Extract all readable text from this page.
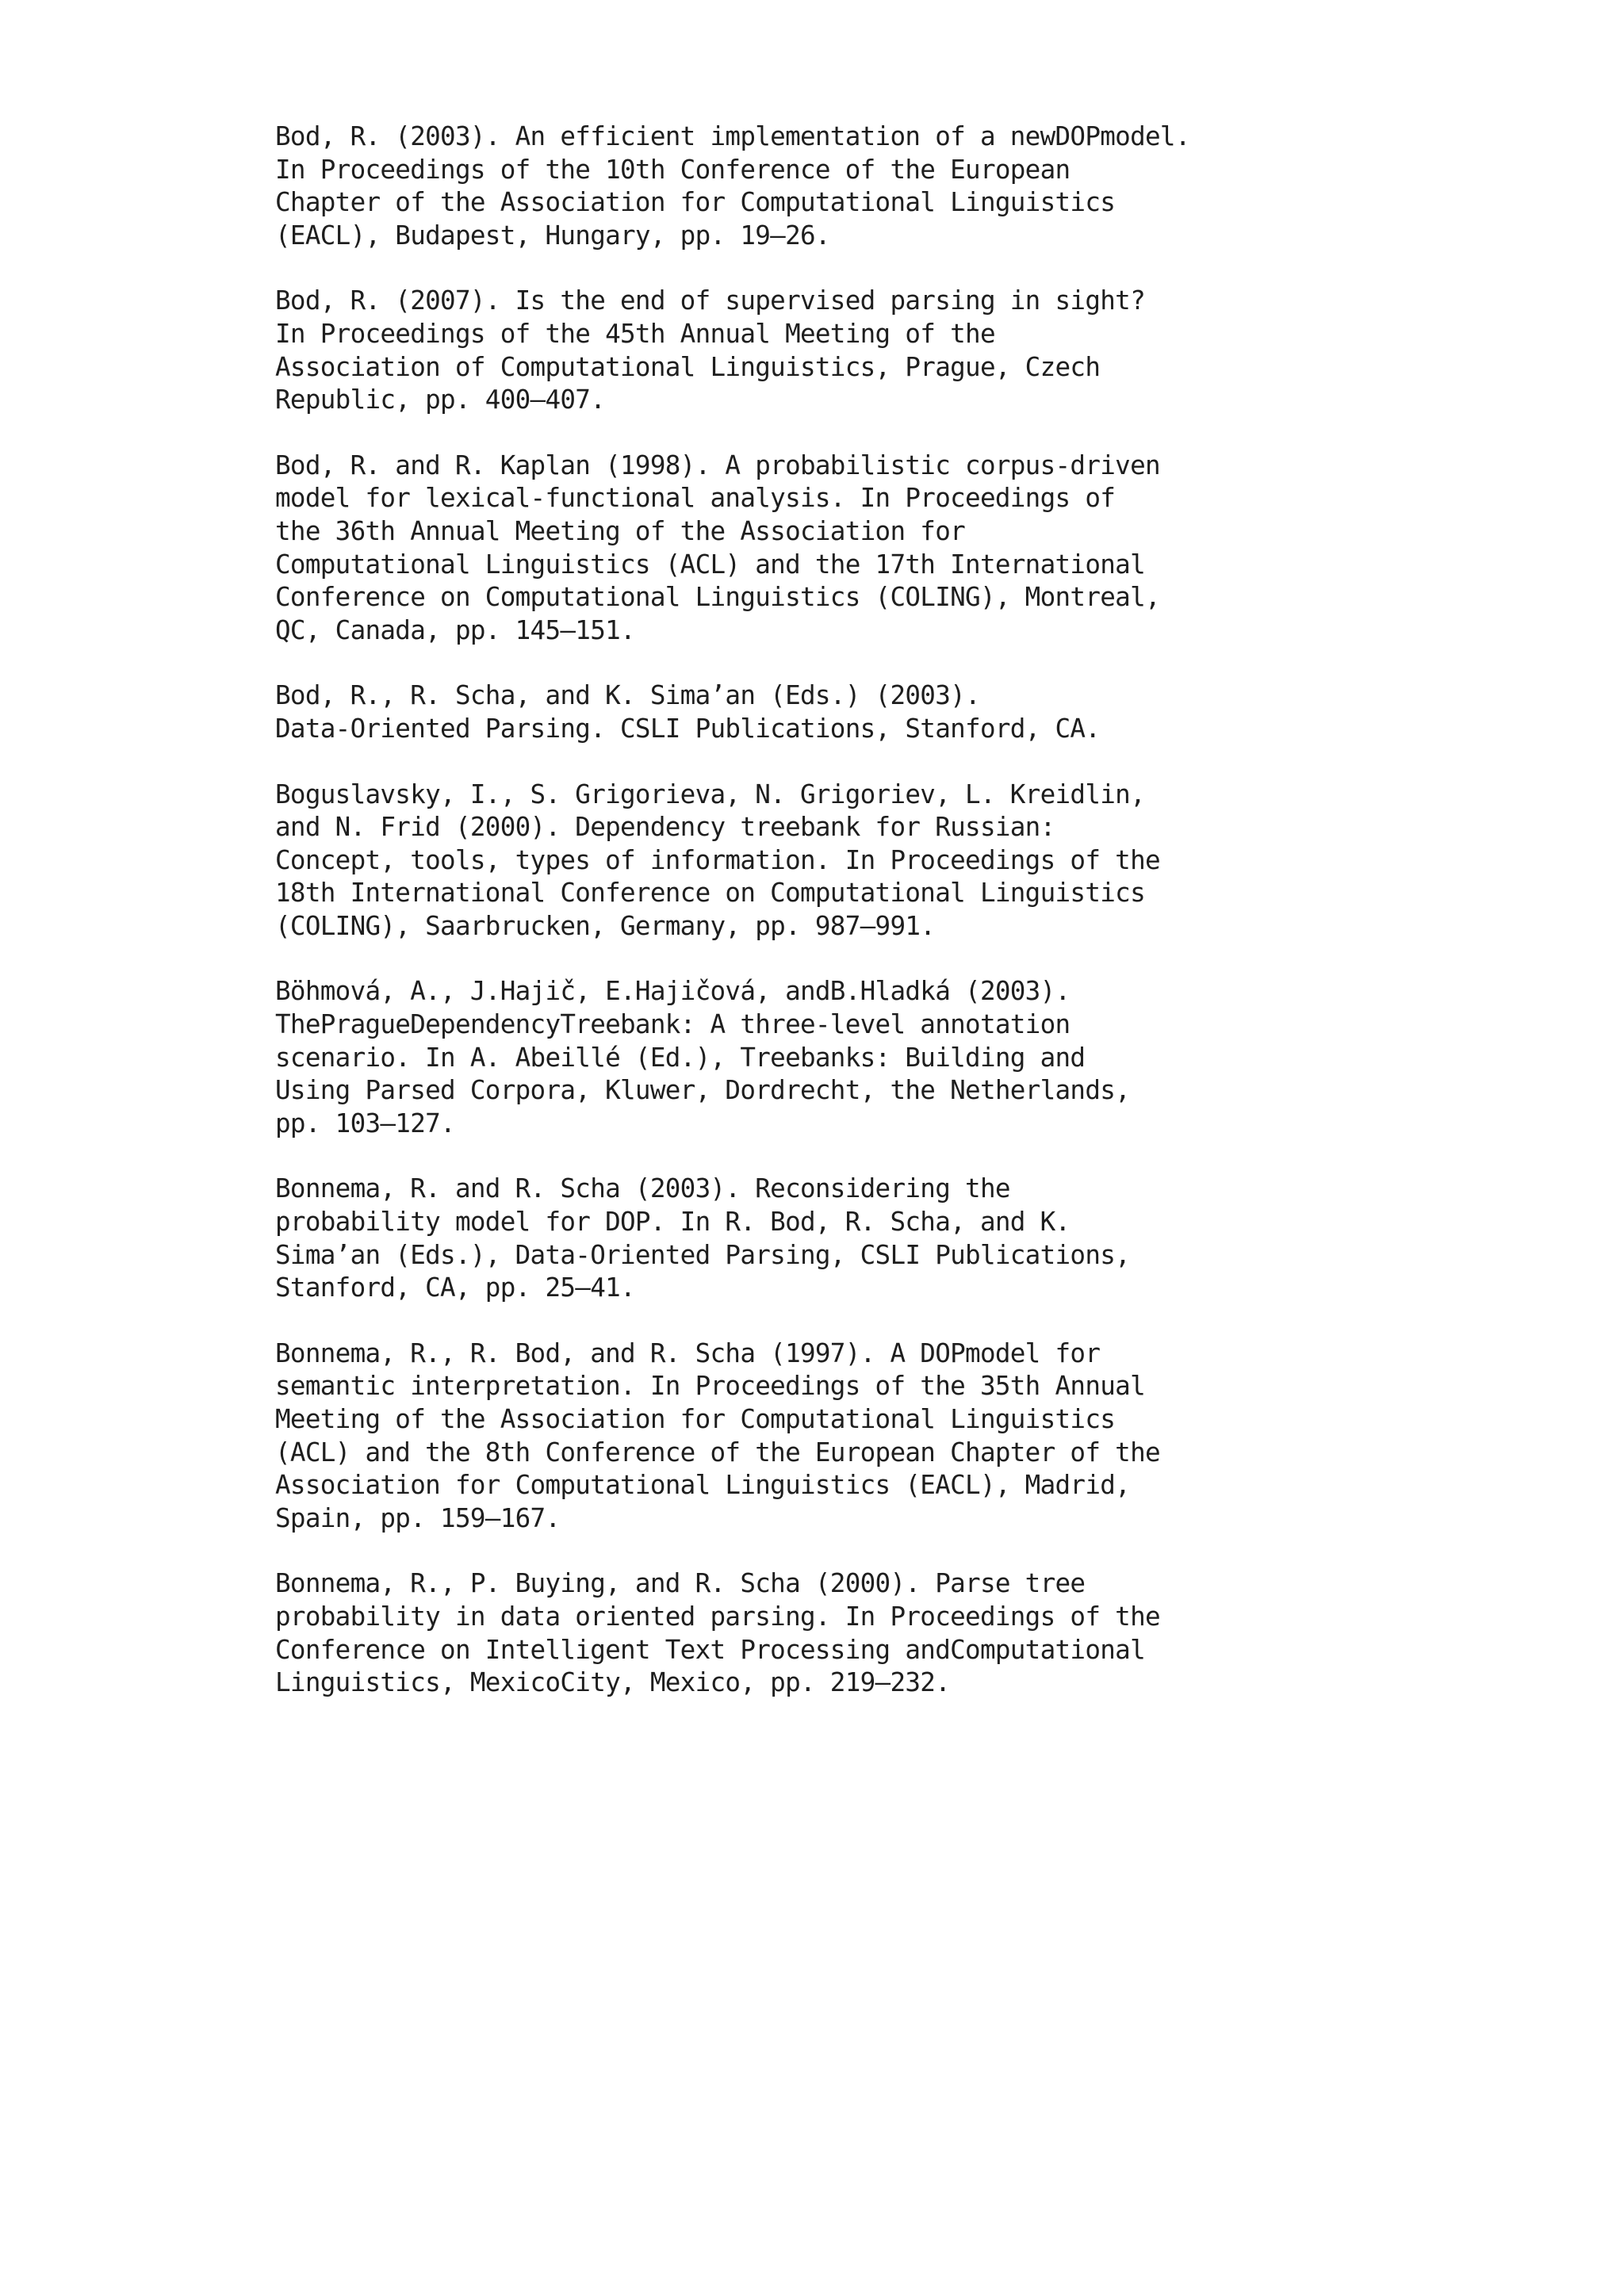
Bod, R. (2003). An efficient implementation of a newDOPmodel.
In Proceedings of the 10th Conference of the European
Chapter of the Association for Computational Linguistics
(EACL), Budapest, Hungary, pp. 19–26.
Bod, R. (2007). Is the end of supervised parsing in sight?
In Proceedings of the 45th Annual Meeting of the
Association of Computational Linguistics, Prague, Czech
Republic, pp. 400–407.
Bod, R. and R. Kaplan (1998). A probabilistic corpus-driven
model for lexical-functional analysis. In Proceedings of
the 36th Annual Meeting of the Association for
Computational Linguistics (ACL) and the 17th International
Conference on Computational Linguistics (COLING), Montreal,
QC, Canada, pp. 145–151.
Bod, R., R. Scha, and K. Sima’an (Eds.) (2003).
Data-Oriented Parsing. CSLI Publications, Stanford, CA.
Boguslavsky, I., S. Grigorieva, N. Grigoriev, L. Kreidlin,
and N. Frid (2000). Dependency treebank for Russian:
Concept, tools, types of information. In Proceedings of the
18th International Conference on Computational Linguistics
(COLING), Saarbrucken, Germany, pp. 987–991.
Böhmová, A., J.Hajič, E.Hajičová, andB.Hladká (2003).
ThePragueDependencyTreebank: A three-level annotation
scenario. In A. Abeillé (Ed.), Treebanks: Building and
Using Parsed Corpora, Kluwer, Dordrecht, the Netherlands,
pp. 103–127.
Bonnema, R. and R. Scha (2003). Reconsidering the
probability model for DOP. In R. Bod, R. Scha, and K.
Sima’an (Eds.), Data-Oriented Parsing, CSLI Publications,
Stanford, CA, pp. 25–41.
Bonnema, R., R. Bod, and R. Scha (1997). A DOPmodel for
semantic interpretation. In Proceedings of the 35th Annual
Meeting of the Association for Computational Linguistics
(ACL) and the 8th Conference of the European Chapter of the
Association for Computational Linguistics (EACL), Madrid,
Spain, pp. 159–167.
Bonnema, R., P. Buying, and R. Scha (2000). Parse tree
probability in data oriented parsing. In Proceedings of the
Conference on Intelligent Text Processing andComputational
Linguistics, MexicoCity, Mexico, pp. 219–232.
